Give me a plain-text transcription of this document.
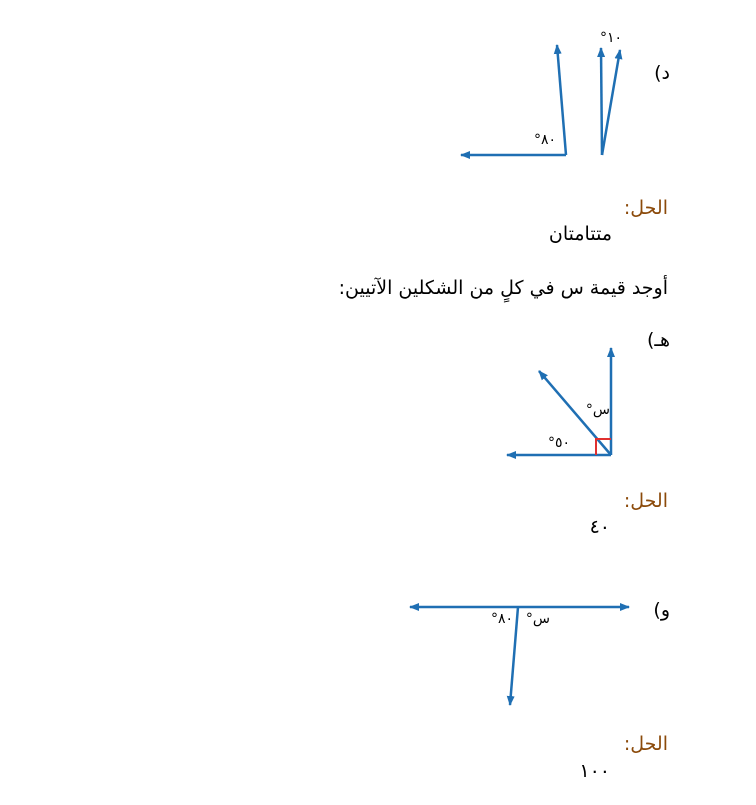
د)
١٠°
٨٠°
الحل:
متتامتان
أوجد قيمة س في كلٍ من الشكلين الآتيين:
هـ)
س°
٥٠°
الحل:
٤٠
و)
س°
٨٠°
الحل:
١٠٠
